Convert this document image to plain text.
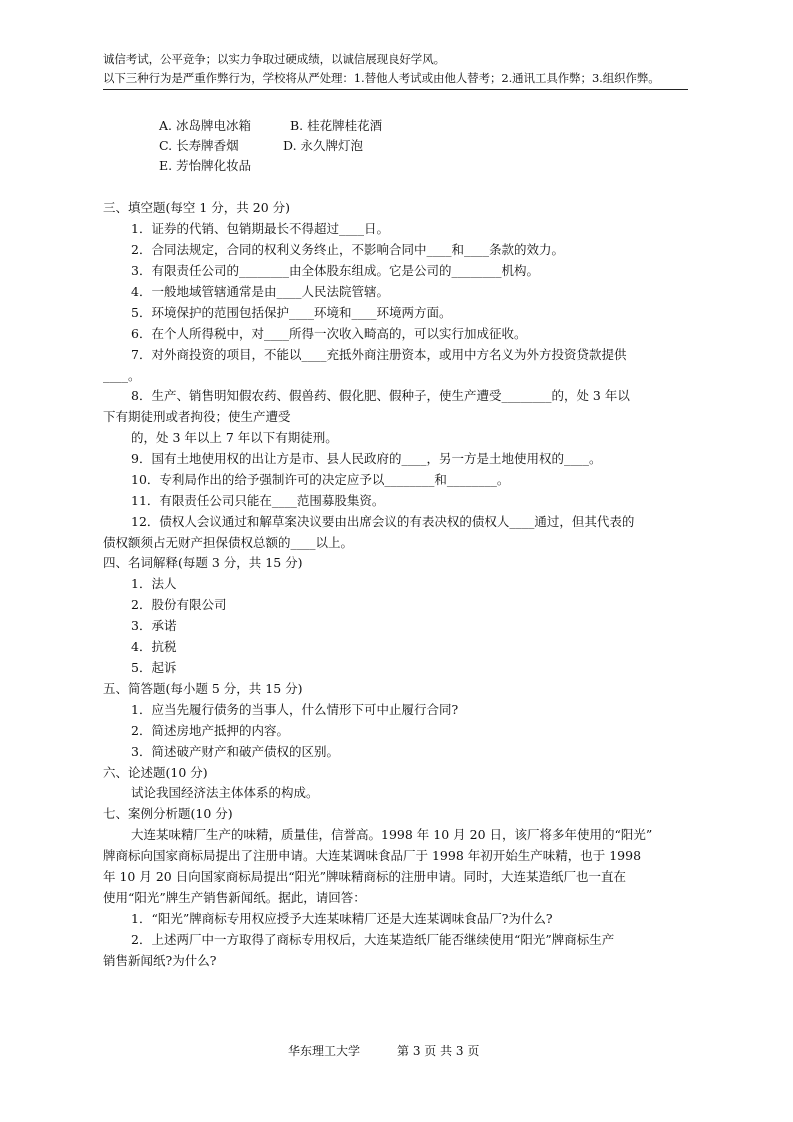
诚信考试，公平竞争；以实力争取过硬成绩，以诚信展现良好学风。
以下三种行为是严重作弊行为，学校将从严处理：1.替他人考试或由他人替考；2.通讯工具作弊；3.组织作弊。
A. 冰岛牌电冰箱	B. 桂花牌桂花酒
C. 长寿牌香烟	D. 永久牌灯泡
E. 芳怡牌化妆品
三、填空题(每空 1 分，共 20 分)
1．证券的代销、包销期最长不得超过____日。
2．合同法规定，合同的权利义务终止，不影响合同中____和____条款的效力。
3．有限责任公司的________由全体股东组成。它是公司的________机构。
4．一般地域管辖通常是由____人民法院管辖。
5．环境保护的范围包括保护____环境和____环境两方面。
6．在个人所得税中，对____所得一次收入畸高的，可以实行加成征收。
7．对外商投资的项目，不能以____充抵外商注册资本，或用中方名义为外方投资贷款提供
____。
8．生产、销售明知假农药、假兽药、假化肥、假种子，使生产遭受________的，处 3 年以
下有期徒刑或者拘役；使生产遭受
的，处 3 年以上 7 年以下有期徒刑。
9．国有土地使用权的出让方是市、县人民政府的____，另一方是土地使用权的____。
10．专利局作出的给予强制许可的决定应予以________和________。
11．有限责任公司只能在____范围募股集资。
12．债权人会议通过和解草案决议要由出席会议的有表决权的债权人____通过，但其代表的
债权额须占无财产担保债权总额的____以上。
四、名词解释(每题 3 分，共 15 分)
1．法人
2．股份有限公司
3．承诺
4．抗税
5．起诉
五、简答题(每小题 5 分，共 15 分)
1．应当先履行债务的当事人，什么情形下可中止履行合同?
2．简述房地产抵押的内容。
3．简述破产财产和破产债权的区别。
六、论述题(10 分)
试论我国经济法主体体系的构成。
七、案例分析题(10 分)
大连某味精厂生产的味精，质量佳，信誉高。1998 年 10 月 20 日，该厂将多年使用的“阳光”
牌商标向国家商标局提出了注册申请。大连某调味食品厂于 1998 年初开始生产味精，也于 1998
年 10 月 20 日向国家商标局提出“阳光”牌味精商标的注册申请。同时，大连某造纸厂也一直在
使用“阳光”牌生产销售新闻纸。据此，请回答：
1．“阳光”牌商标专用权应授予大连某味精厂还是大连某调味食品厂?为什么?
2．上述两厂中一方取得了商标专用权后，大连某造纸厂能否继续使用“阳光”牌商标生产
销售新闻纸?为什么?
华东理工大学	第 3 页 共 3 页
